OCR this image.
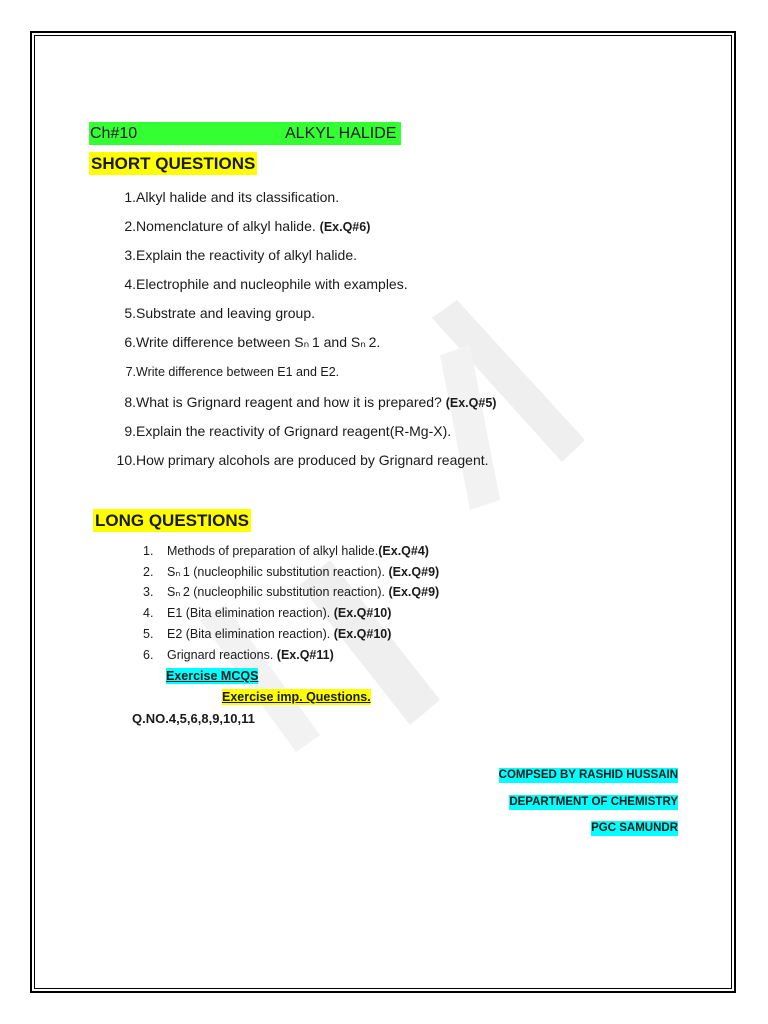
Ch#10	ALKYL HALIDE
SHORT QUESTIONS
1. Alkyl halide and its classification.
2. Nomenclature of alkyl halide. (Ex.Q#6)
3. Explain the reactivity of alkyl halide.
4. Electrophile and nucleophile with examples.
5. Substrate and leaving group.
6. Write difference between Sₙ 1 and Sₙ 2.
7. Write difference between E1 and E2.
8. What is Grignard reagent and how it is prepared? (Ex.Q#5)
9. Explain the reactivity of Grignard reagent(R-Mg-X).
10. How primary alcohols are produced by Grignard reagent.
LONG QUESTIONS
1. Methods of preparation of alkyl halide.(Ex.Q#4)
2. Sₙ 1 (nucleophilic substitution reaction). (Ex.Q#9)
3. Sₙ 2 (nucleophilic substitution reaction). (Ex.Q#9)
4. E1 (Bita elimination reaction). (Ex.Q#10)
5. E2 (Bita elimination reaction). (Ex.Q#10)
6. Grignard reactions. (Ex.Q#11)
Exercise MCQS
Exercise imp. Questions.
Q.NO.4,5,6,8,9,10,11
COMPSED BY RASHID HUSSAIN
DEPARTMENT OF CHEMISTRY
PGC SAMUNDR
